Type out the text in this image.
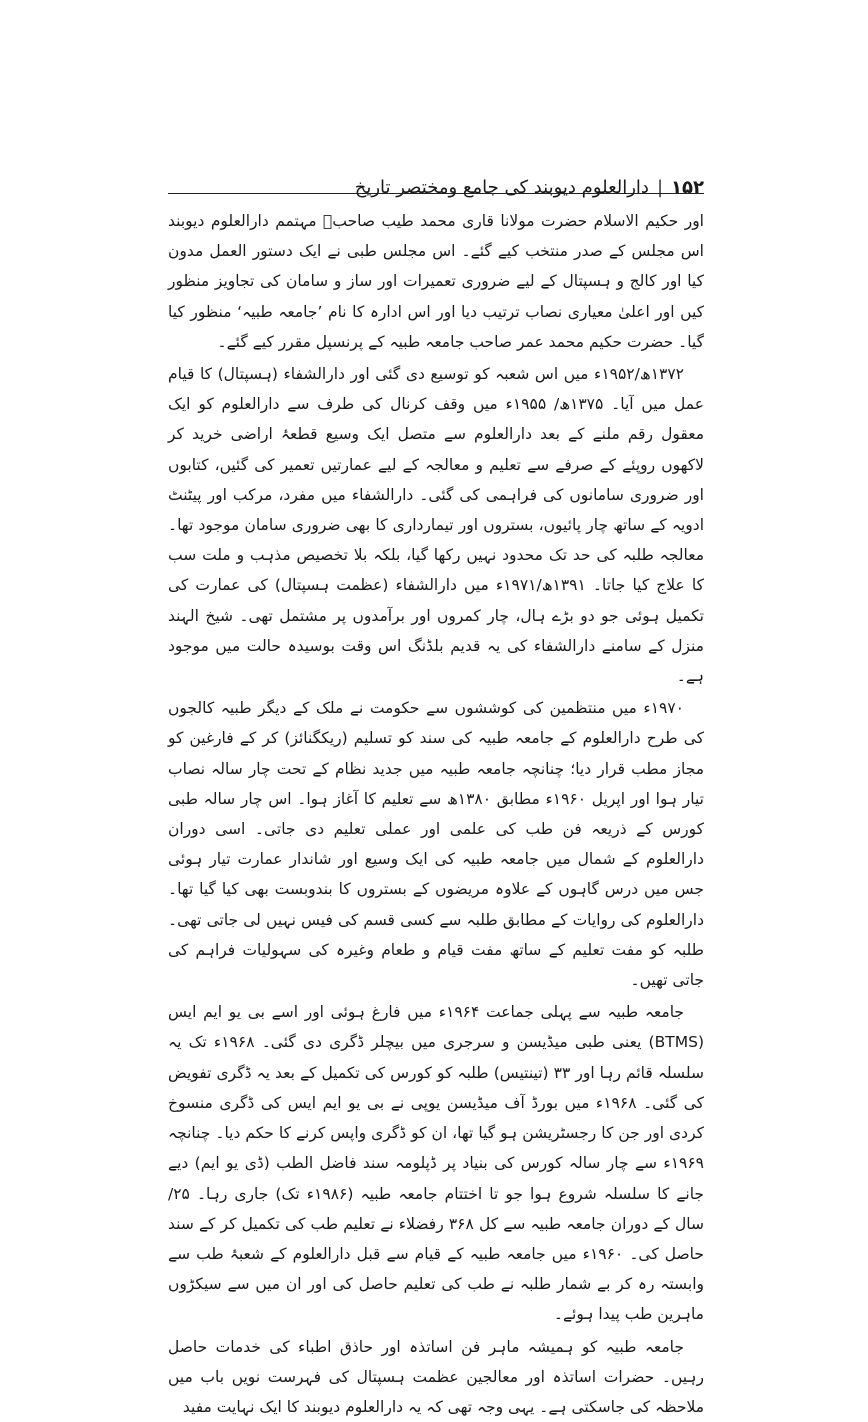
۱۵۲
|
دارالعلوم دیوبند کی جامع ومختصر تاریخ

اور حکیم الاسلام حضرت مولانا قاری محمد طیب صاحبؒ مہتمم دارالعلوم دیوبند اس مجلس کے صدر منتخب کیے گئے۔ اس مجلس طبی نے ایک دستور العمل مدون کیا اور کالج و ہسپتال کے لیے ضروری تعمیرات اور ساز و سامان کی تجاویز منظور کیں اور اعلیٰ معیاری نصاب ترتیب دیا اور اس ادارہ کا نام ’جامعہ طبیہ‘ منظور کیا گیا۔ حضرت حکیم محمد عمر صاحب جامعہ طبیہ کے پرنسپل مقرر کیے گئے۔

۱۳۷۲ھ/۱۹۵۲ء میں اس شعبہ کو توسیع دی گئی اور دارالشفاء (ہسپتال) کا قیام عمل میں آیا۔ ۱۳۷۵ھ/ ۱۹۵۵ء میں وقف کرنال کی طرف سے دارالعلوم کو ایک معقول رقم ملنے کے بعد دارالعلوم سے متصل ایک وسیع قطعۂ اراضی خرید کر لاکھوں روپئے کے صرفے سے تعلیم و معالجہ کے لیے عمارتیں تعمیر کی گئیں، کتابوں اور ضروری سامانوں کی فراہمی کی گئی۔ دارالشفاء میں مفرد، مرکب اور پیٹنٹ ادویہ کے ساتھ چار پائیوں، بستروں اور تیمارداری کا بھی ضروری سامان موجود تھا۔ معالجہ طلبہ کی حد تک محدود نہیں رکھا گیا، بلکہ بلا تخصیص مذہب و ملت سب کا علاج کیا جاتا۔ ۱۳۹۱ھ/۱۹۷۱ء میں دارالشفاء (عظمت ہسپتال) کی عمارت کی تکمیل ہوئی جو دو بڑے ہال، چار کمروں اور برآمدوں پر مشتمل تھی۔ شیخ الہند منزل کے سامنے دارالشفاء کی یہ قدیم بلڈنگ اس وقت بوسیدہ حالت میں موجود ہے۔

۱۹۷۰ء میں منتظمین کی کوششوں سے حکومت نے ملک کے دیگر طبیہ کالجوں کی طرح دارالعلوم کے جامعہ طبیہ کی سند کو تسلیم (ریکگنائز) کر کے فارغین کو مجاز مطب قرار دیا؛ چنانچہ جامعہ طبیہ میں جدید نظام کے تحت چار سالہ نصاب تیار ہوا اور اپریل ۱۹۶۰ء مطابق ۱۳۸۰ھ سے تعلیم کا آغاز ہوا۔ اس چار سالہ طبی کورس کے ذریعہ فن طب کی علمی اور عملی تعلیم دی جاتی۔ اسی دوران دارالعلوم کے شمال میں جامعہ طبیہ کی ایک وسیع اور شاندار عمارت تیار ہوئی جس میں درس گاہوں کے علاوہ مریضوں کے بستروں کا بندوبست بھی کیا گیا تھا۔ دارالعلوم کی روایات کے مطابق طلبہ سے کسی قسم کی فیس نہیں لی جاتی تھی۔ طلبہ کو مفت تعلیم کے ساتھ مفت قیام و طعام وغیرہ کی سہولیات فراہم کی جاتی تھیں۔

جامعہ طبیہ سے پہلی جماعت ۱۹۶۴ء میں فارغ ہوئی اور اسے بی یو ایم ایس (BTMS) یعنی طبی میڈیسن و سرجری میں بیچلر ڈگری دی گئی۔ ۱۹۶۸ء تک یہ سلسلہ قائم رہا اور ۳۳ (تینتیس) طلبہ کو کورس کی تکمیل کے بعد یہ ڈگری تفویض کی گئی۔ ۱۹۶۸ء میں بورڈ آف میڈیسن یوپی نے بی یو ایم ایس کی ڈگری منسوخ کردی اور جن کا رجسٹریشن ہو گیا تھا، ان کو ڈگری واپس کرنے کا حکم دیا۔ چنانچہ ۱۹۶۹ء سے چار سالہ کورس کی بنیاد پر ڈپلومہ سند فاضل الطب (ڈی یو ایم) دیے جانے کا سلسلہ شروع ہوا جو تا اختتام جامعہ طبیہ (۱۹۸۶ء تک) جاری رہا۔ ۲۵/ سال کے دوران جامعہ طبیہ سے کل ۳۶۸ رفضلاء نے تعلیم طب کی تکمیل کر کے سند حاصل کی۔ ۱۹۶۰ء میں جامعہ طبیہ کے قیام سے قبل دارالعلوم کے شعبۂ طب سے وابستہ رہ کر بے شمار طلبہ نے طب کی تعلیم حاصل کی اور ان میں سے سیکڑوں ماہرین طب پیدا ہوئے۔

جامعہ طبیہ کو ہمیشہ ماہر فن اساتذہ اور حاذق اطباء کی خدمات حاصل رہیں۔ حضرات اساتذہ اور معالجین عظمت ہسپتال کی فہرست نویں باب میں ملاحظہ کی جاسکتی ہے۔ یہی وجہ تھی کہ یہ دارالعلوم دیوبند کا ایک نہایت مفید
